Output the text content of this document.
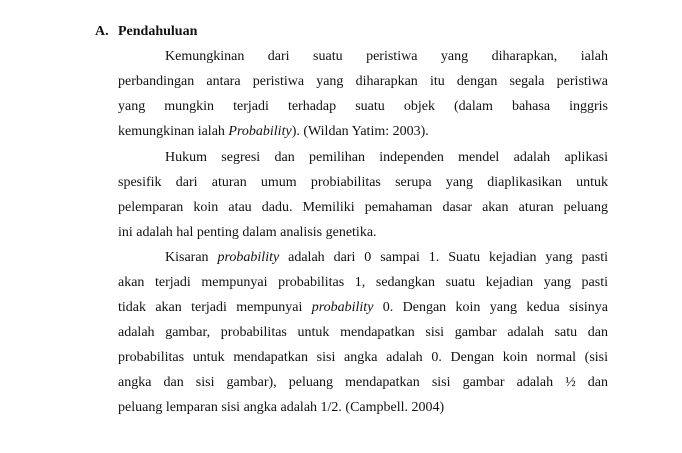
A. Pendahuluan
Kemungkinan dari suatu peristiwa yang diharapkan, ialah
perbandingan antara peristiwa yang diharapkan itu dengan segala peristiwa
yang mungkin terjadi terhadap suatu objek (dalam bahasa inggris
kemungkinan ialah Probability). (Wildan Yatim: 2003).
Hukum segresi dan pemilihan independen mendel adalah aplikasi
spesifik dari aturan umum probiabilitas serupa yang diaplikasikan untuk
pelemparan koin atau dadu. Memiliki pemahaman dasar akan aturan peluang
ini adalah hal penting dalam analisis genetika.
Kisaran probability adalah dari 0 sampai 1. Suatu kejadian yang pasti
akan terjadi mempunyai probabilitas 1, sedangkan suatu kejadian yang pasti
tidak akan terjadi mempunyai probability 0. Dengan koin yang kedua sisinya
adalah gambar, probabilitas untuk mendapatkan sisi gambar adalah satu dan
probabilitas untuk mendapatkan sisi angka adalah 0. Dengan koin normal (sisi
angka dan sisi gambar), peluang mendapatkan sisi gambar adalah ½ dan
peluang lemparan sisi angka adalah 1/2. (Campbell. 2004)
